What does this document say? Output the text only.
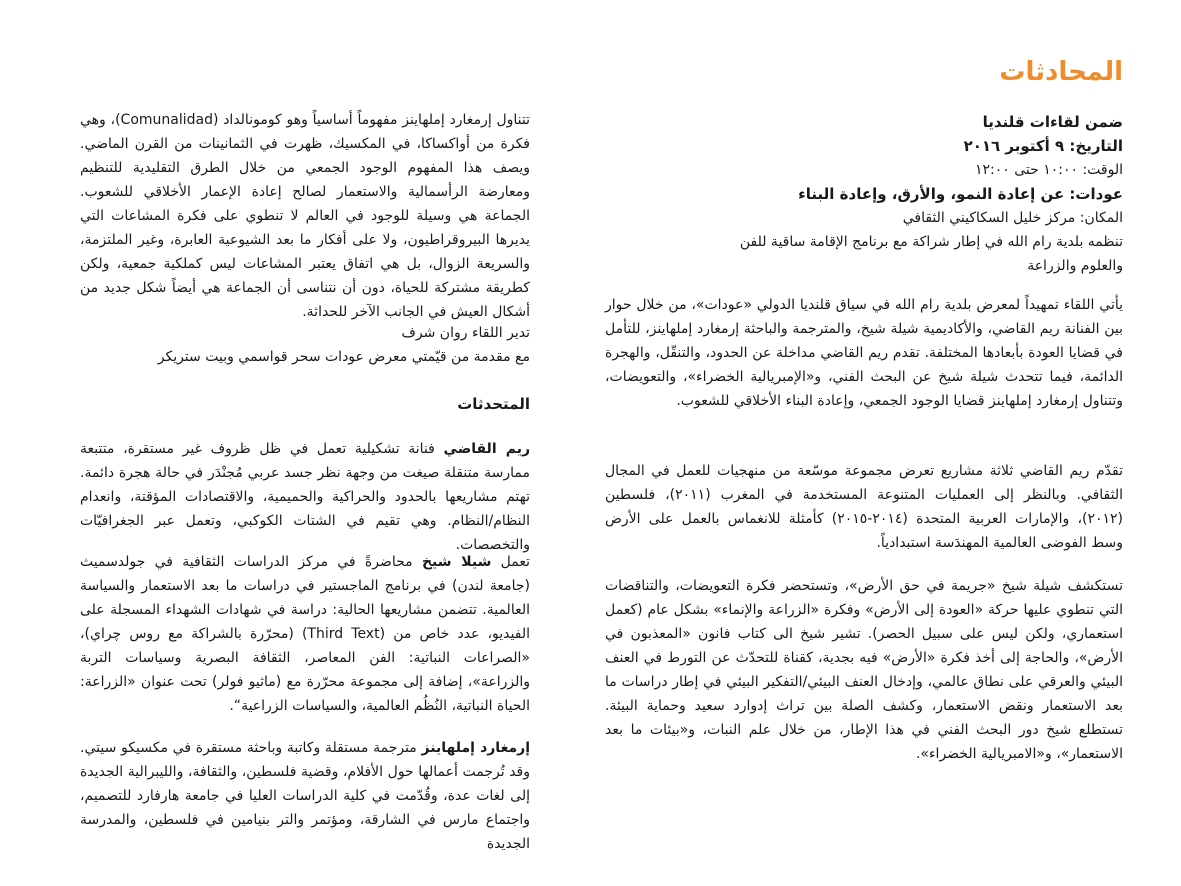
المحادثات

ضمن لقاءات قلنديا

التاريخ: ٩ أكتوبر ٢٠١٦

الوقت: ١٠:٠٠ حتى ١٢:٠٠

عودات: عن إعادة النمو، والأرق، وإعادة البناء

المكان: مركز خليل السكاكيني الثقافي

تنظمه بلدية رام الله في إطار شراكة مع برنامج الإقامة ساقية للفن والعلوم والزراعة

يأتي اللقاء تمهيداً لمعرض بلدية رام الله في سياق قلنديا الدولي «عودات»، من خلال حوار بين الفنانة ريم القاضي، والأكاديمية شيلة شيخ، والمترجمة والباحثة إرمغارد إملهاينز، للتأمل في قضايا العودة بأبعادها المختلفة. تقدم ريم القاضي مداخلة عن الحدود، والتنقّل، والهجرة الدائمة، فيما تتحدث شيلة شيخ عن البحث الفني، و«الإمبريالية الخضراء»، والتعويضات، وتتناول إرمغارد إملهاينز قضايا الوجود الجمعي، وإعادة البناء الأخلاقي للشعوب.

تقدّم ريم القاضي ثلاثة مشاريع تعرض مجموعة موسّعة من منهجيات للعمل في المجال الثقافي. وبالنظر إلى العمليات المتنوعة المستخدمة في المغرب (٢٠١١)، فلسطين (٢٠١٢)، والإمارات العربية المتحدة (٢٠١٤-٢٠١٥) كأمثلة للانغماس بالعمل على الأرض وسط الفوضى العالمية المهندَسة استبدادياً.

تستكشف شيلة شيخ «جريمة في حق الأرض»، وتستحضر فكرة التعويضات، والتناقضات التي تنطوي عليها حركة «العودة إلى الأرض» وفكرة «الزراعة والإنماء» بشكل عام (كعمل استعماري، ولكن ليس على سبيل الحصر). تشير شيخ الى كتاب فانون «المعذبون في الأرض»، والحاجة إلى أخذ فكرة «الأرض» فيه بجدية، كقناة للتحدّث عن التورط في العنف البيئي والعرقي على نطاق عالمي، وإدخال العنف البيئي/التفكير البيئي في إطار دراسات ما بعد الاستعمار ونقض الاستعمار، وكشف الصلة بين تراث إدوارد سعيد وحماية البيئة. تستطلع شيخ دور البحث الفني في هذا الإطار، من خلال علم النبات، و«بيئات ما بعد الاستعمار»، و«الامبريالية الخضراء».

تتناول إرمغارد إملهاينز مفهوماً أساسياً وهو كومونالداد (Comunalidad)، وهي فكرة من أواكساكا، في المكسيك، ظهرت في الثمانينات من القرن الماضي. ويصف هذا المفهوم الوجود الجمعي من خلال الطرق التقليدية للتنظيم ومعارضة الرأسمالية والاستعمار لصالح إعادة الإعمار الأخلاقي للشعوب. الجماعة هي وسيلة للوجود في العالم لا تنطوي على فكرة المشاعات التي يديرها البيروقراطيون، ولا على أفكار ما بعد الشيوعية العابرة، وغير الملتزمة، والسريعة الزوال، بل هي اتفاق يعتبر المشاعات ليس كملكية جمعية، ولكن كطريقة مشتركة للحياة، دون أن نتناسى أن الجماعة هي أيضاً شكل جديد من أشكال العيش في الجانب الآخر للحداثة.

تدير اللقاء روان شرف

مع مقدمة من قيّمتي معرض عودات سحر قواسمي وبيت ستريكر

المتحدثات

ريم القاضي فنانة تشكيلية تعمل في ظل ظروف غير مستقرة، متتبعة ممارسة متنقلة صيغت من وجهة نظر جسد عربي مُجنْدَر في حالة هجرة دائمة. تهتم مشاريعها بالحدود والحراكية والحميمية، والاقتصادات المؤقتة، وانعدام النظام/النظام. وهي تقيم في الشتات الكوكبي، وتعمل عبر الجغرافيّات والتخصصات.

تعمل شيلا شيخ محاضرةً في مركز الدراسات الثقافية في جولدسميث (جامعة لندن) في برنامج الماجستير في دراسات ما بعد الاستعمار والسياسة العالمية. تتضمن مشاريعها الحالية: دراسة في شهادات الشهداء المسجلة على الفيديو، عدد خاص من (Third Text) (محرّرة بالشراكة مع روس چراي)، «الصراعات النباتية: الفن المعاصر، الثقافة البصرية وسياسات التربة والزراعة»، إضافة إلى مجموعة محرّرة مع (ماثيو فولر) تحت عنوان «الزراعة: الحياة النباتية، النُظُم العالمية، والسياسات الزراعية“.

إرمغارد إملهاينز مترجمة مستقلة وكاتبة وباحثة مستقرة في مكسيكو سيتي. وقد تُرجمت أعمالها حول الأفلام، وقضية فلسطين، والثقافة، والليبرالية الجديدة إلى لغات عدة، وقُدّمت في كلية الدراسات العليا في جامعة هارفارد للتصميم، واجتماع مارس في الشارقة، ومؤتمر والتر بنيامين في فلسطين، والمدرسة الجديدة
